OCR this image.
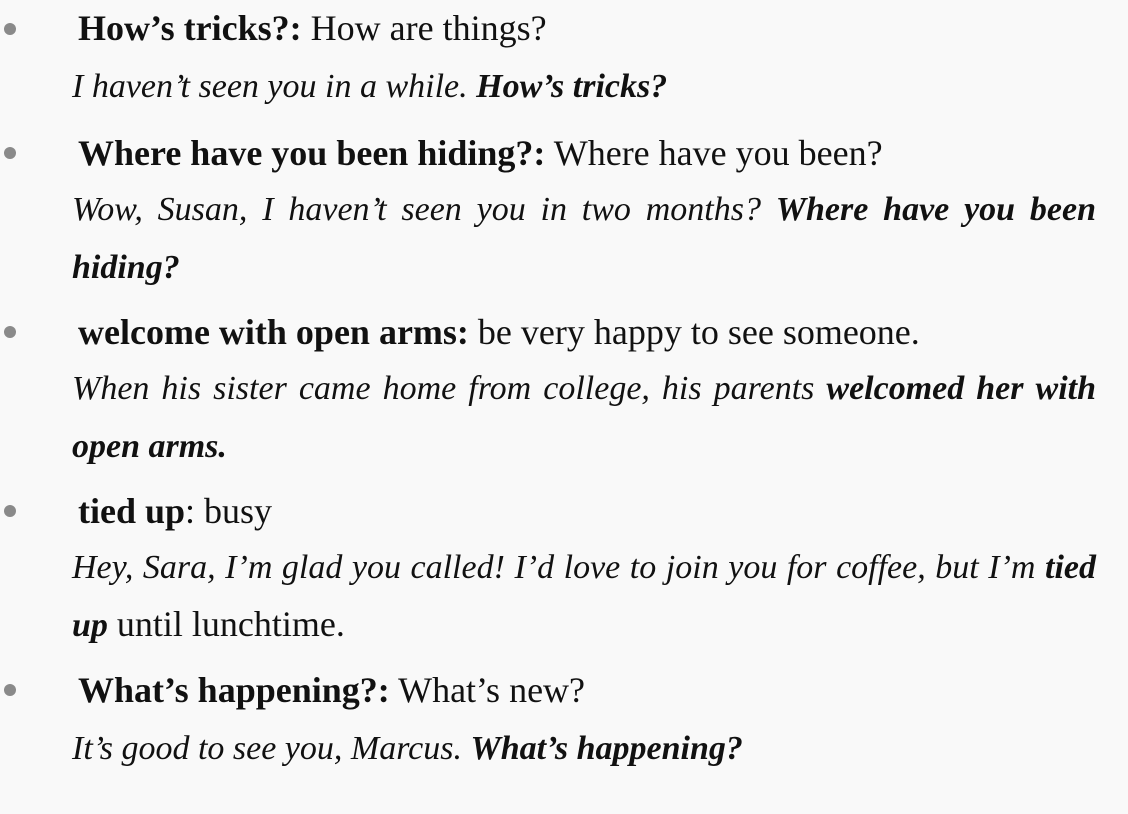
How’s tricks?: How are things?
I haven’t seen you in a while. How’s tricks?
Where have you been hiding?: Where have you been?
Wow, Susan, I haven’t seen you in two months? Where have you been hiding?
welcome with open arms: be very happy to see someone.
When his sister came home from college, his parents welcomed her with open arms.
tied up: busy
Hey, Sara, I’m glad you called! I’d love to join you for coffee, but I’m tied up until lunchtime.
What’s happening?: What’s new?
It’s good to see you, Marcus. What’s happening?
